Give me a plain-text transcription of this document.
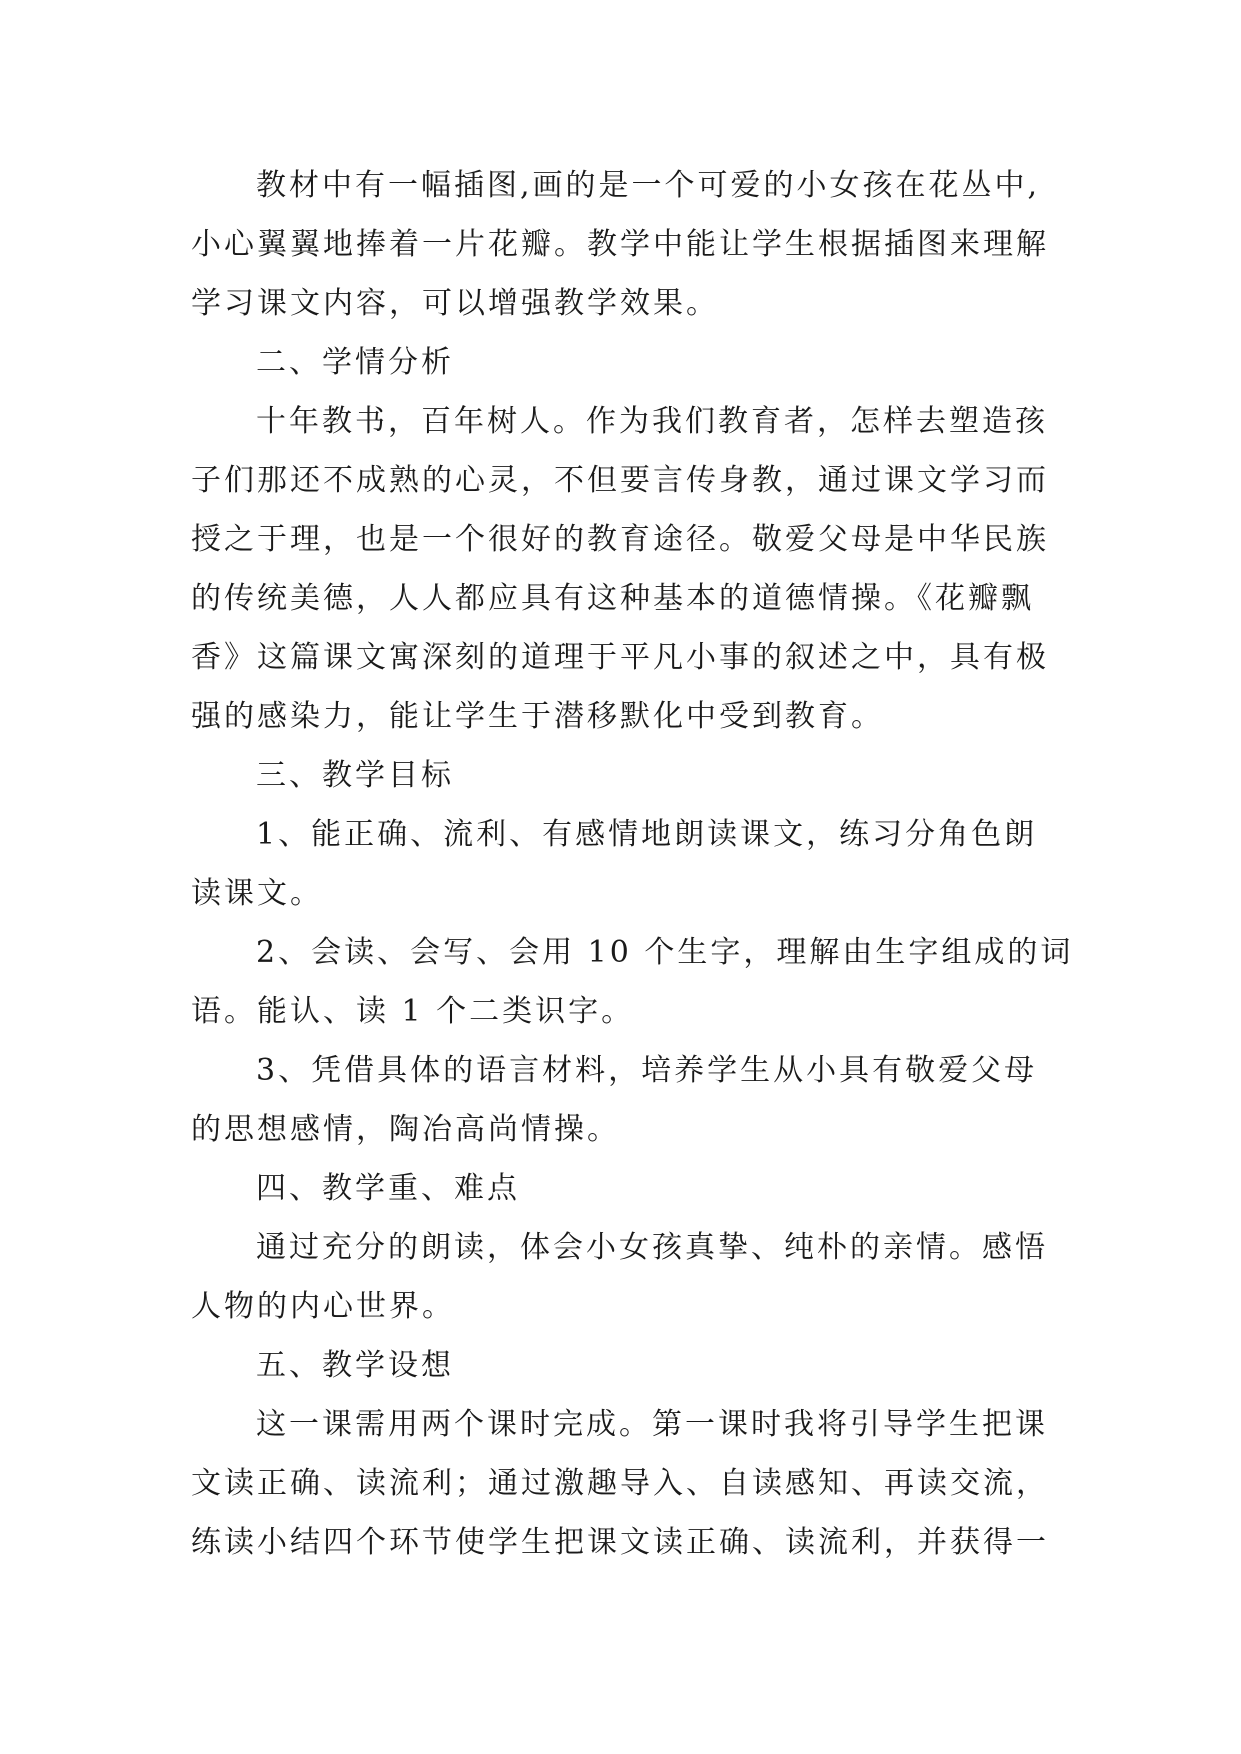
教材中有一幅插图,画的是一个可爱的小女孩在花丛中,
小心翼翼地捧着一片花瓣。教学中能让学生根据插图来理解
学习课文内容，可以增强教学效果。
二、学情分析
十年教书，百年树人。作为我们教育者，怎样去塑造孩
子们那还不成熟的心灵，不但要言传身教，通过课文学习而
授之于理，也是一个很好的教育途径。敬爱父母是中华民族
的传统美德，人人都应具有这种基本的道德情操。《花瓣飘
香》这篇课文寓深刻的道理于平凡小事的叙述之中，具有极
强的感染力，能让学生于潜移默化中受到教育。
三、教学目标
1、能正确、流利、有感情地朗读课文，练习分角色朗
读课文。
2、会读、会写、会用 10 个生字，理解由生字组成的词
语。能认、读 1 个二类识字。
3、凭借具体的语言材料，培养学生从小具有敬爱父母
的思想感情，陶冶高尚情操。
四、教学重、难点
通过充分的朗读，体会小女孩真挚、纯朴的亲情。感悟
人物的内心世界。
五、教学设想
这一课需用两个课时完成。第一课时我将引导学生把课
文读正确、读流利；通过激趣导入、自读感知、再读交流，
练读小结四个环节使学生把课文读正确、读流利，并获得一
